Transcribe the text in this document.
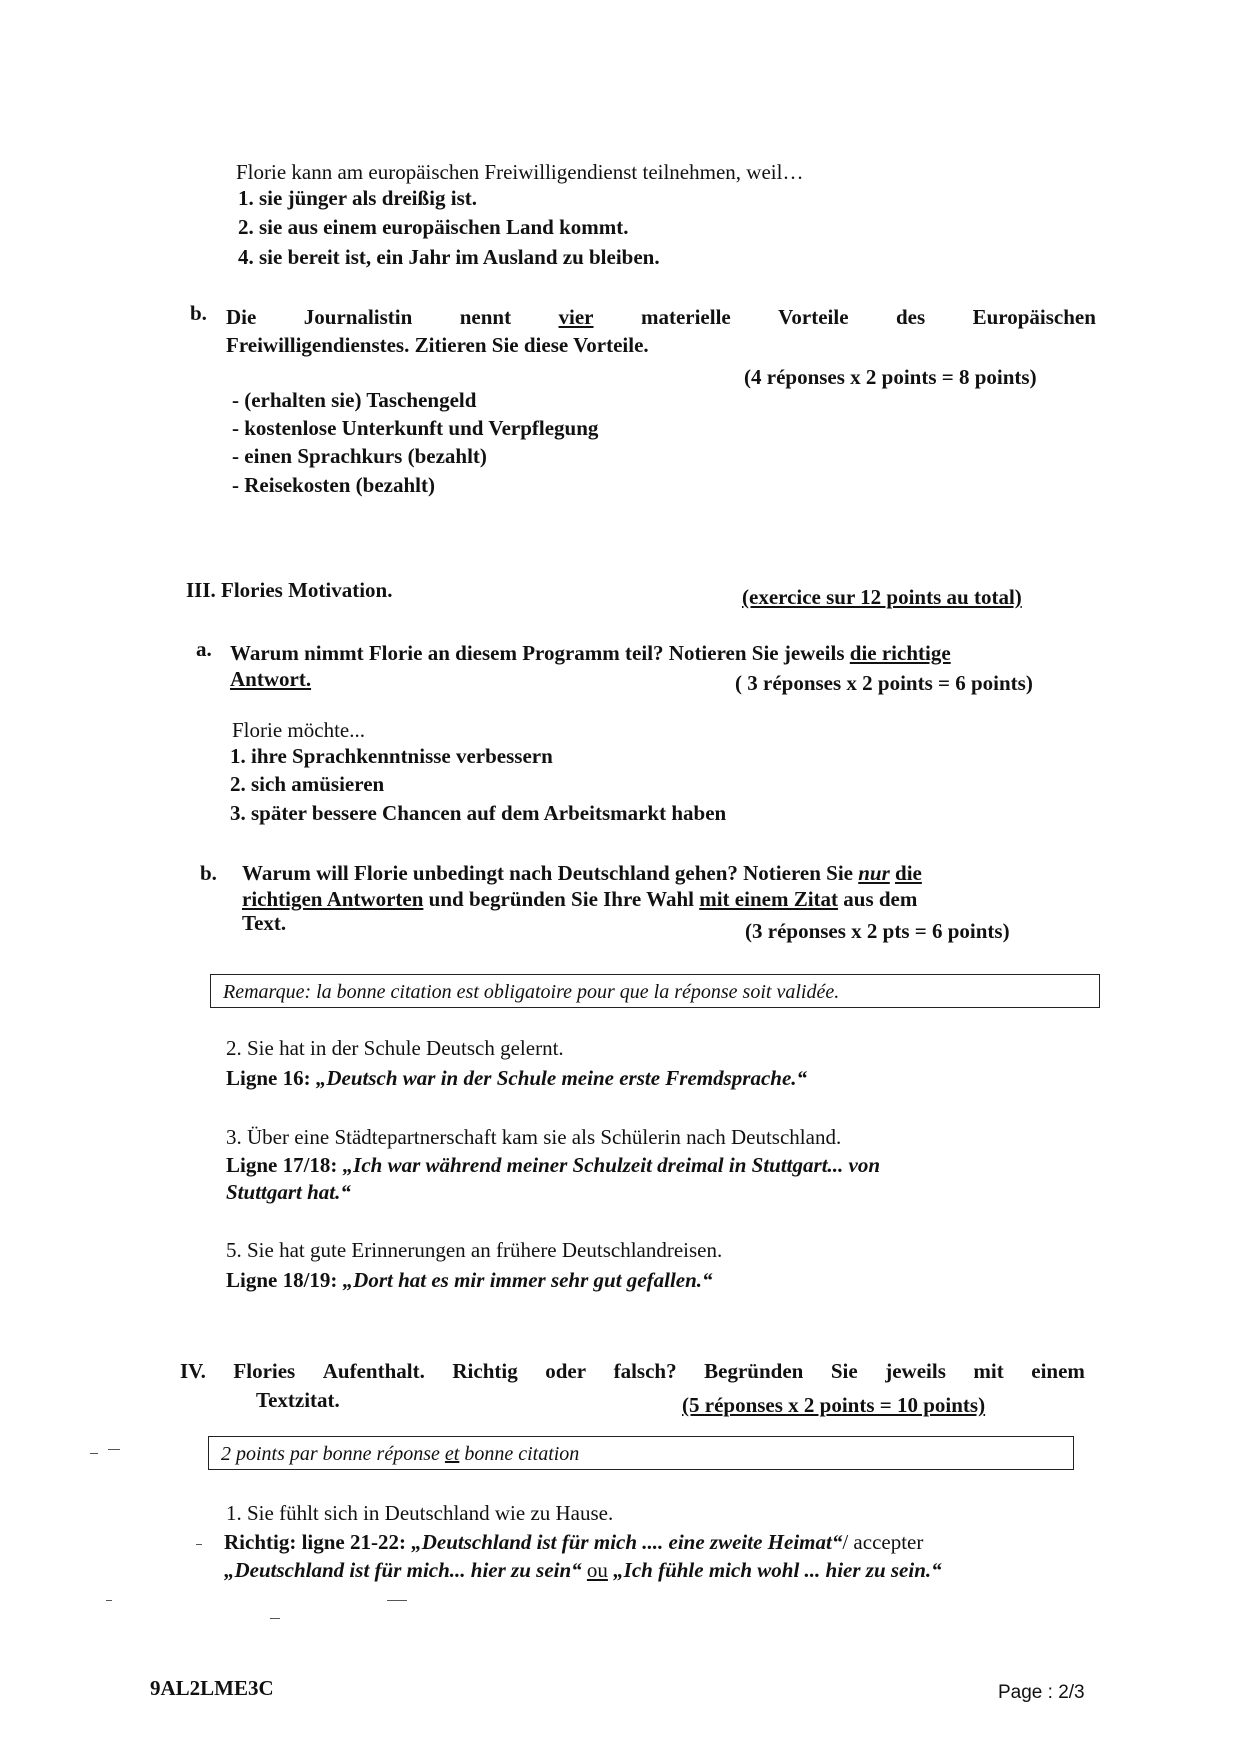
Florie kann am europäischen Freiwilligendienst teilnehmen, weil…
1. sie jünger als dreißig ist.
2. sie aus einem europäischen Land kommt.
4. sie bereit ist, ein Jahr im Ausland zu bleiben.
b. Die Journalistin nennt vier materielle Vorteile des Europäischen
Freiwilligendienstes. Zitieren Sie diese Vorteile.
(4 réponses x 2 points = 8 points)
- (erhalten sie) Taschengeld
- kostenlose Unterkunft und Verpflegung
- einen Sprachkurs (bezahlt)
- Reisekosten (bezahlt)
III. Flories Motivation.	(exercice sur 12 points au total)
a. Warum nimmt Florie an diesem Programm teil? Notieren Sie jeweils die richtige
Antwort.	( 3 réponses x 2 points = 6 points)
Florie möchte...
1. ihre Sprachkenntnisse verbessern
2. sich amüsieren
3. später bessere Chancen auf dem Arbeitsmarkt haben
b. Warum will Florie unbedingt nach Deutschland gehen? Notieren Sie nur die
richtigen Antworten und begründen Sie Ihre Wahl mit einem Zitat aus dem
Text.	(3 réponses x 2 pts = 6 points)
Remarque: la bonne citation est obligatoire pour que la réponse soit validée.
2. Sie hat in der Schule Deutsch gelernt.
Ligne 16: „Deutsch war in der Schule meine erste Fremdsprache.“
3. Über eine Städtepartnerschaft kam sie als Schülerin nach Deutschland.
Ligne 17/18: „Ich war während meiner Schulzeit dreimal in Stuttgart... von
Stuttgart hat.“
5. Sie hat gute Erinnerungen an frühere Deutschlandreisen.
Ligne 18/19: „Dort hat es mir immer sehr gut gefallen.“
IV. Flories Aufenthalt. Richtig oder falsch? Begründen Sie jeweils mit einem
Textzitat.	(5 réponses x 2 points = 10 points)
2 points par bonne réponse et bonne citation
1. Sie fühlt sich in Deutschland wie zu Hause.
Richtig: ligne 21-22: „Deutschland ist für mich .... eine zweite Heimat“/ accepter
„Deutschland ist für mich... hier zu sein“ ou „Ich fühle mich wohl ... hier zu sein.“
9AL2LME3C	Page : 2/3
